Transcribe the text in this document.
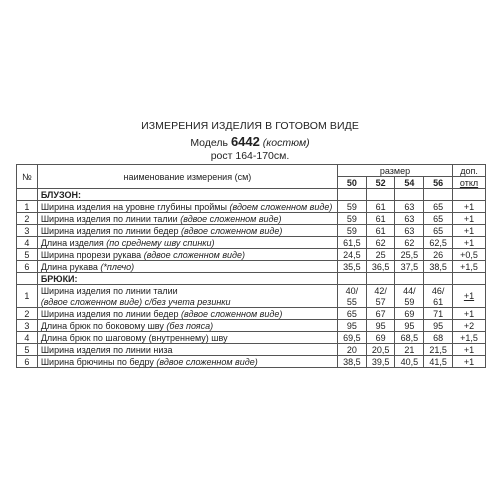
ИЗМЕРЕНИЯ ИЗДЕЛИЯ В ГОТОВОМ ВИДЕ
Модель 6442 (костюм)
рост 164-170см.
№	наименование измерения (см)	размер				доп.
		50	52	54	56	откл
	БЛУЗОН:					
1	Ширина изделия на уровне глубины проймы (вдоем сложенном виде)	59	61	63	65	+1
2	Ширина изделия по линии талии (вдвое сложенном виде)	59	61	63	65	+1
3	Ширина изделия по линии бедер (вдвое сложенном виде)	59	61	63	65	+1
4	Длина изделия (по среднему шву спинки)	61,5	62	62	62,5	+1
5	Ширина прорези рукава (вдвое сложенном виде)	24,5	25	25,5	26	+0,5
6	Длина рукава (*плечо)	35,5	36,5	37,5	38,5	+1,5
	БРЮКИ:					
1	Ширина изделия по линии талии	40/	42/	44/	46/	+1
	(вдвое сложенном виде) с/без учета резинки	55	57	59	61	
2	Ширина изделия по линии бедер (вдвое сложенном виде)	65	67	69	71	+1
3	Длина брюк по боковому шву (без пояса)	95	95	95	95	+2
4	Длина брюк по шаговому (внутреннему) шву	69,5	69	68,5	68	+1,5
5	Ширина изделия по линии низа	20	20,5	21	21,5	+1
6	Ширина брючины по бедру (вдвое сложенном виде)	38,5	39,5	40,5	41,5	+1
